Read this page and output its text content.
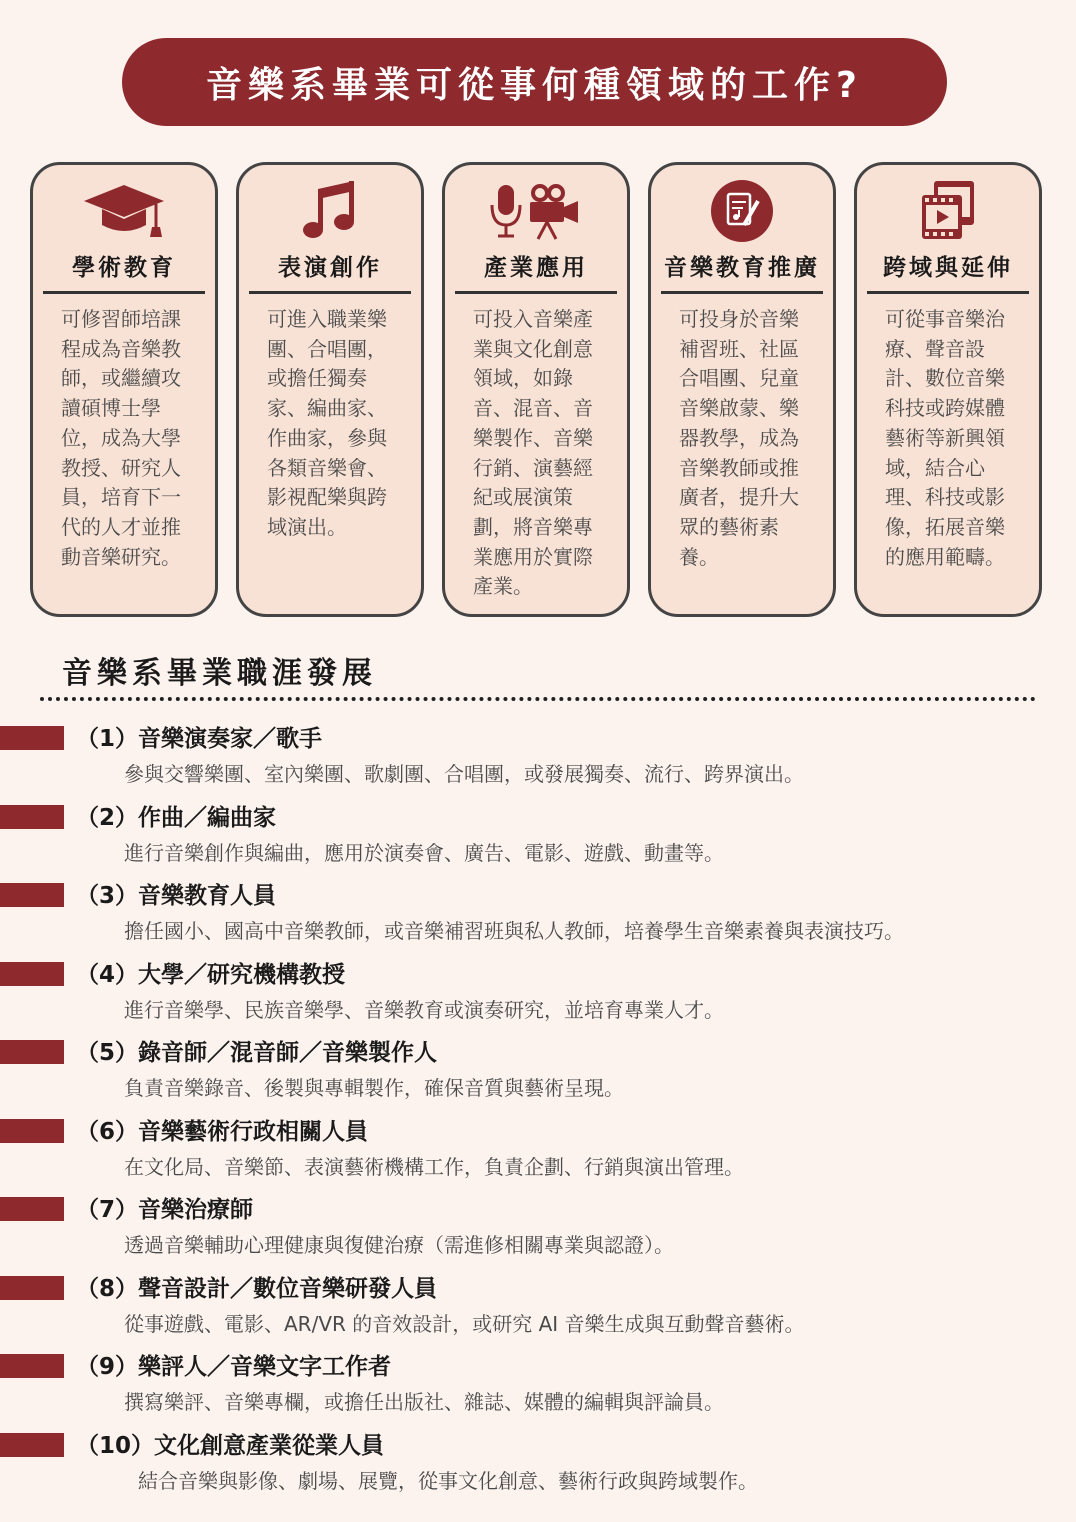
音樂系畢業可從事何種領域的工作?
學術教育
可修習師培課程成為音樂教師，或繼續攻讀碩博士學位，成為大學教授、研究人員，培育下一代的人才並推動音樂研究。
表演創作
可進入職業樂團、合唱團，或擔任獨奏家、編曲家、作曲家，參與各類音樂會、影視配樂與跨域演出。
產業應用
可投入音樂產業與文化創意領域，如錄音、混音、音樂製作、音樂行銷、演藝經紀或展演策劃，將音樂專業應用於實際產業。
音樂教育推廣
可投身於音樂補習班、社區合唱團、兒童音樂啟蒙、樂器教學，成為音樂教師或推廣者，提升大眾的藝術素養。
跨域與延伸
可從事音樂治療、聲音設計、數位音樂科技或跨媒體藝術等新興領域，結合心理、科技或影像，拓展音樂的應用範疇。
音樂系畢業職涯發展
（1）音樂演奏家／歌手
參與交響樂團、室內樂團、歌劇團、合唱團，或發展獨奏、流行、跨界演出。
（2）作曲／編曲家
進行音樂創作與編曲，應用於演奏會、廣告、電影、遊戲、動畫等。
（3）音樂教育人員
擔任國小、國高中音樂教師，或音樂補習班與私人教師，培養學生音樂素養與表演技巧。
（4）大學／研究機構教授
進行音樂學、民族音樂學、音樂教育或演奏研究，並培育專業人才。
（5）錄音師／混音師／音樂製作人
負責音樂錄音、後製與專輯製作，確保音質與藝術呈現。
（6）音樂藝術行政相關人員
在文化局、音樂節、表演藝術機構工作，負責企劃、行銷與演出管理。
（7）音樂治療師
透過音樂輔助心理健康與復健治療（需進修相關專業與認證）。
（8）聲音設計／數位音樂研發人員
從事遊戲、電影、AR/VR 的音效設計，或研究 AI 音樂生成與互動聲音藝術。
（9）樂評人／音樂文字工作者
撰寫樂評、音樂專欄，或擔任出版社、雜誌、媒體的編輯與評論員。
（10）文化創意產業從業人員
結合音樂與影像、劇場、展覽，從事文化創意、藝術行政與跨域製作。
